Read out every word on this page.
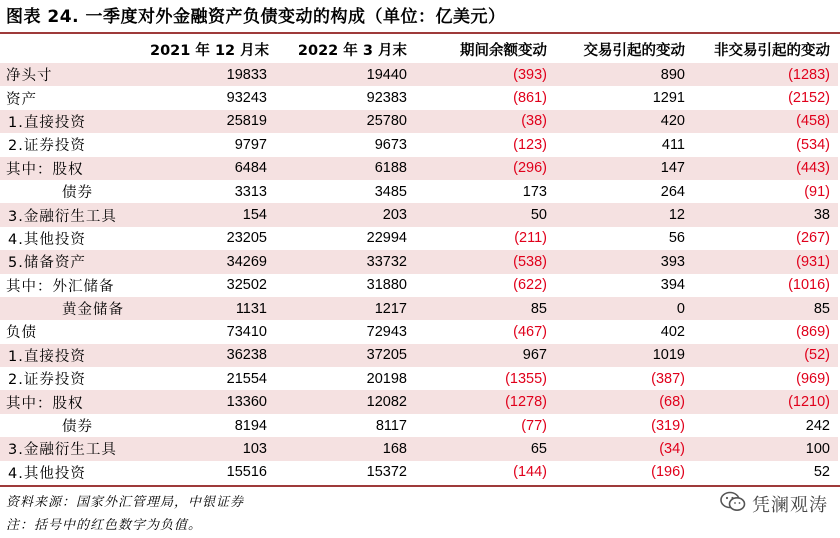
图表 24. 一季度对外金融资产负债变动的构成（单位：亿美元）
	2021 年 12 月末	2022 年 3 月末	期间余额变动	交易引起的变动	非交易引起的变动
净头寸	19833	19440	(393)	890	(1283)
资产	93243	92383	(861)	1291	(2152)
1.直接投资	25819	25780	(38)	420	(458)
2.证券投资	9797	9673	(123)	411	(534)
其中：股权	6484	6188	(296)	147	(443)
债券	3313	3485	173	264	(91)
3.金融衍生工具	154	203	50	12	38
4.其他投资	23205	22994	(211)	56	(267)
5.储备资产	34269	33732	(538)	393	(931)
其中：外汇储备	32502	31880	(622)	394	(1016)
黄金储备	1131	1217	85	0	85
负债	73410	72943	(467)	402	(869)
1.直接投资	36238	37205	967	1019	(52)
2.证券投资	21554	20198	(1355)	(387)	(969)
其中：股权	13360	12082	(1278)	(68)	(1210)
债券	8194	8117	(77)	(319)	242
3.金融衍生工具	103	168	65	(34)	100
4.其他投资	15516	15372	(144)	(196)	52
资料来源：国家外汇管理局，中银证券
注：括号中的红色数字为负值。
凭澜观涛
